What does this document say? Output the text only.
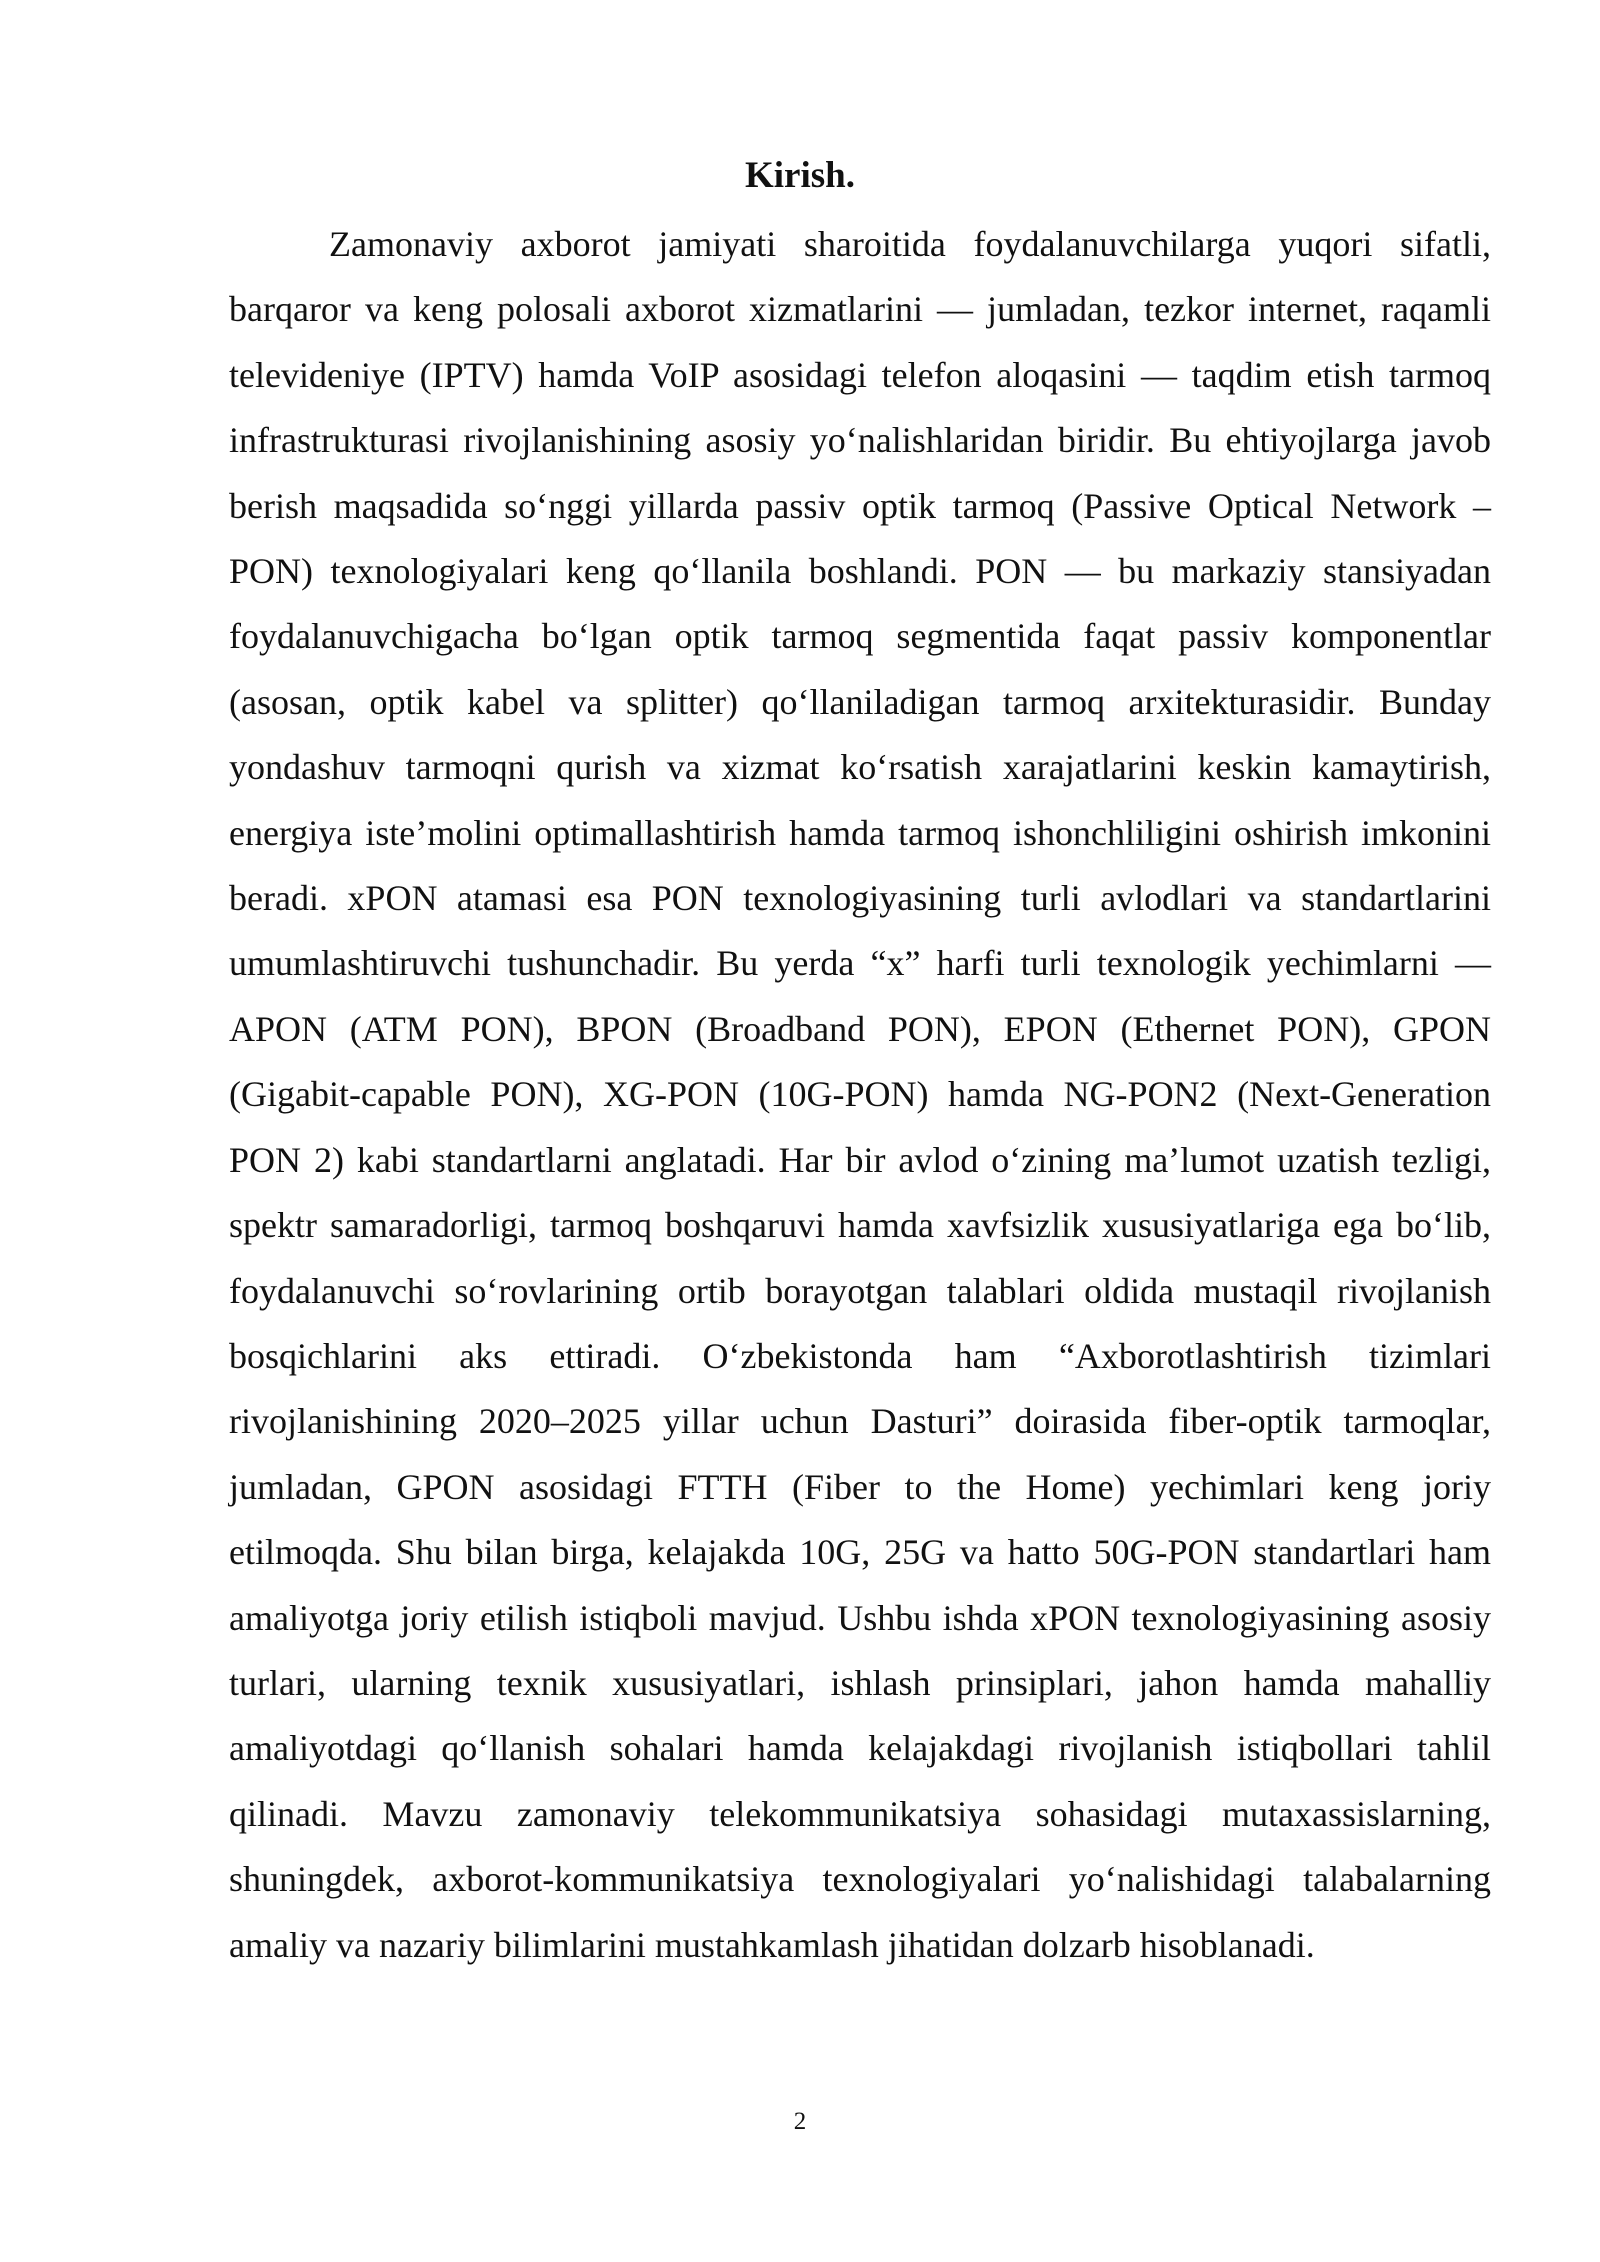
Kirish.

Zamonaviy axborot jamiyati sharoitida foydalanuvchilarga yuqori sifatli, barqaror va keng polosali axborot xizmatlarini — jumladan, tezkor internet, raqamli televideniye (IPTV) hamda VoIP asosidagi telefon aloqasini — taqdim etish tarmoq infrastrukturasi rivojlanishining asosiy yoʻnalishlaridan biridir. Bu ehtiyojlarga javob berish maqsadida soʻnggi yillarda passiv optik tarmoq (Passive Optical Network – PON) texnologiyalari keng qoʻllanila boshlandi. PON — bu markaziy stansiyadan foydalanuvchigacha boʻlgan optik tarmoq segmentida faqat passiv komponentlar (asosan, optik kabel va splitter) qoʻllaniladigan tarmoq arxitekturasidir. Bunday yondashuv tarmoqni qurish va xizmat koʻrsatish xarajatlarini keskin kamaytirish, energiya iste’molini optimallashtirish hamda tarmoq ishonchliligini oshirish imkonini beradi. xPON atamasi esa PON texnologiyasining turli avlodlari va standartlarini umumlashtiruvchi tushunchadir. Bu yerda “x” harfi turli texnologik yechimlarni — APON (ATM PON), BPON (Broadband PON), EPON (Ethernet PON), GPON (Gigabit-capable PON), XG-PON (10G-PON) hamda NG-PON2 (Next-Generation PON 2) kabi standartlarni anglatadi. Har bir avlod oʻzining ma’lumot uzatish tezligi, spektr samaradorligi, tarmoq boshqaruvi hamda xavfsizlik xususiyatlariga ega boʻlib, foydalanuvchi soʻrovlarining ortib borayotgan talablari oldida mustaqil rivojlanish bosqichlarini aks ettiradi. Oʻzbekistonda ham “Axborotlashtirish tizimlari rivojlanishining 2020–2025 yillar uchun Dasturi” doirasida fiber-optik tarmoqlar, jumladan, GPON asosidagi FTTH (Fiber to the Home) yechimlari keng joriy etilmoqda. Shu bilan birga, kelajakda 10G, 25G va hatto 50G-PON standartlari ham amaliyotga joriy etilish istiqboli mavjud. Ushbu ishda xPON texnologiyasining asosiy turlari, ularning texnik xususiyatlari, ishlash prinsiplari, jahon hamda mahalliy amaliyotdagi qoʻllanish sohalari hamda kelajakdagi rivojlanish istiqbollari tahlil qilinadi. Mavzu zamonaviy telekommunikatsiya sohasidagi mutaxassislarning, shuningdek, axborot-kommunikatsiya texnologiyalari yoʻnalishidagi talabalarning amaliy va nazariy bilimlarini mustahkamlash jihatidan dolzarb hisoblanadi.

2
